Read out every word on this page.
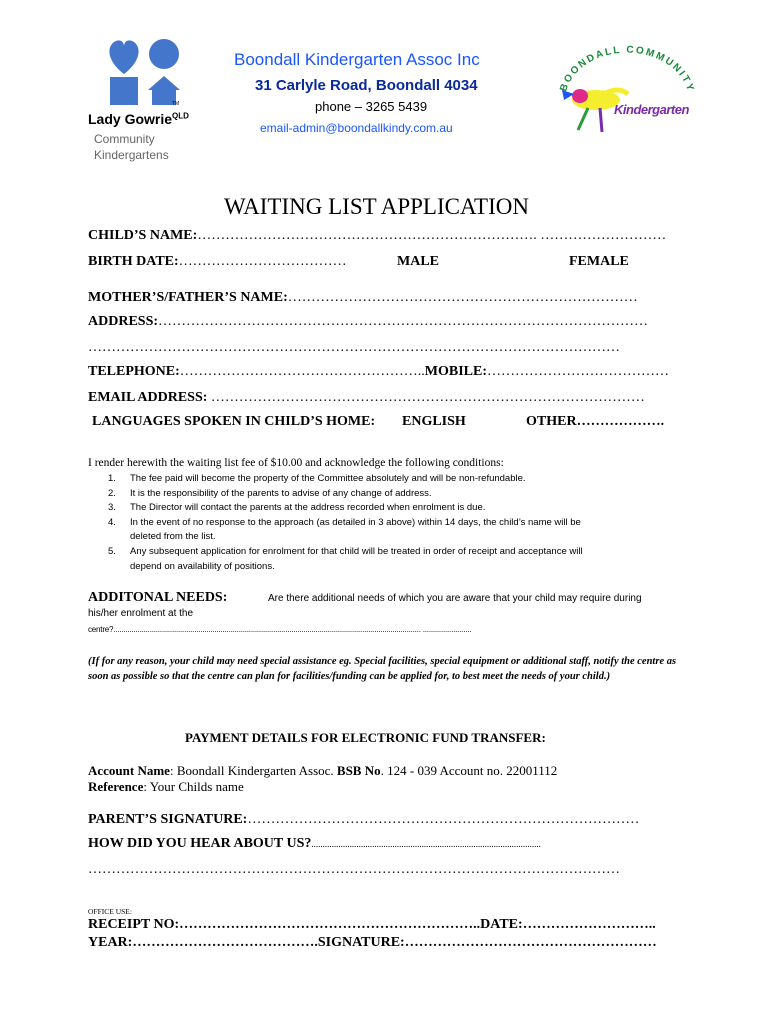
TM
Lady Gowrie$^{QLD}$
Community
Kindergartens
Boondall Kindergarten Assoc Inc
31 Carlyle Road, Boondall 4034
phone – 3265 5439
email-admin@boondallkindy.com.au
BOONDALL COMMUNITY
Kindergarten
WAITING LIST APPLICATION
CHILD’S NAME:………………………………………………………………. ………………………
BIRTH DATE:………………………………	MALE	FEMALE
MOTHER’S/FATHER’S NAME:…………………………………………………………………
ADDRESS:……………………………………………………………………………………………
……………………………………………………………………………………………………
TELEPHONE:……………………………………………..MOBILE:…………………………………
EMAIL ADDRESS: …………………………………………………………………………………
LANGUAGES SPOKEN IN CHILD’S HOME: ENGLISH	OTHER……………….
I render herewith the waiting list fee of $10.00 and acknowledge the following conditions:
1. The fee paid will become the property of the Committee absolutely and will be non-refundable.
2. It is the responsibility of the parents to advise of any change of address.
3. The Director will contact the parents at the address recorded when enrolment is due.
4. In the event of no response to the approach (as detailed in 3 above) within 14 days, the child’s name will be
deleted from the list.
5. Any subsequent application for enrolment for that child will be treated in order of receipt and acceptance will
depend on availability of positions.
ADDITONAL NEEDS:	Are there additional needs of which you are aware that your child may require during
his/her enrolment at the
centre?........................................................................................................................................................ ........................
(If for any reason, your child may need special assistance eg. Special facilities, special equipment or additional staff, notify the centre as soon as possible so that the centre can plan for facilities/funding can be applied for, to best meet the needs of your child.)
PAYMENT DETAILS FOR ELECTRONIC FUND TRANSFER:
Account Name: Boondall Kindergarten Assoc. BSB No. 124 - 039 Account no. 22001112
Reference: Your Childs name
PARENT’S SIGNATURE:…………………………………………………………………………
HOW DID YOU HEAR ABOUT US?......................................................................................................
……………………………………………………………………………………………………
OFFICE USE:
RECEIPT NO:………………………………………………………..DATE:………………………..
YEAR:………………………………….SIGNATURE:………………………………………………
